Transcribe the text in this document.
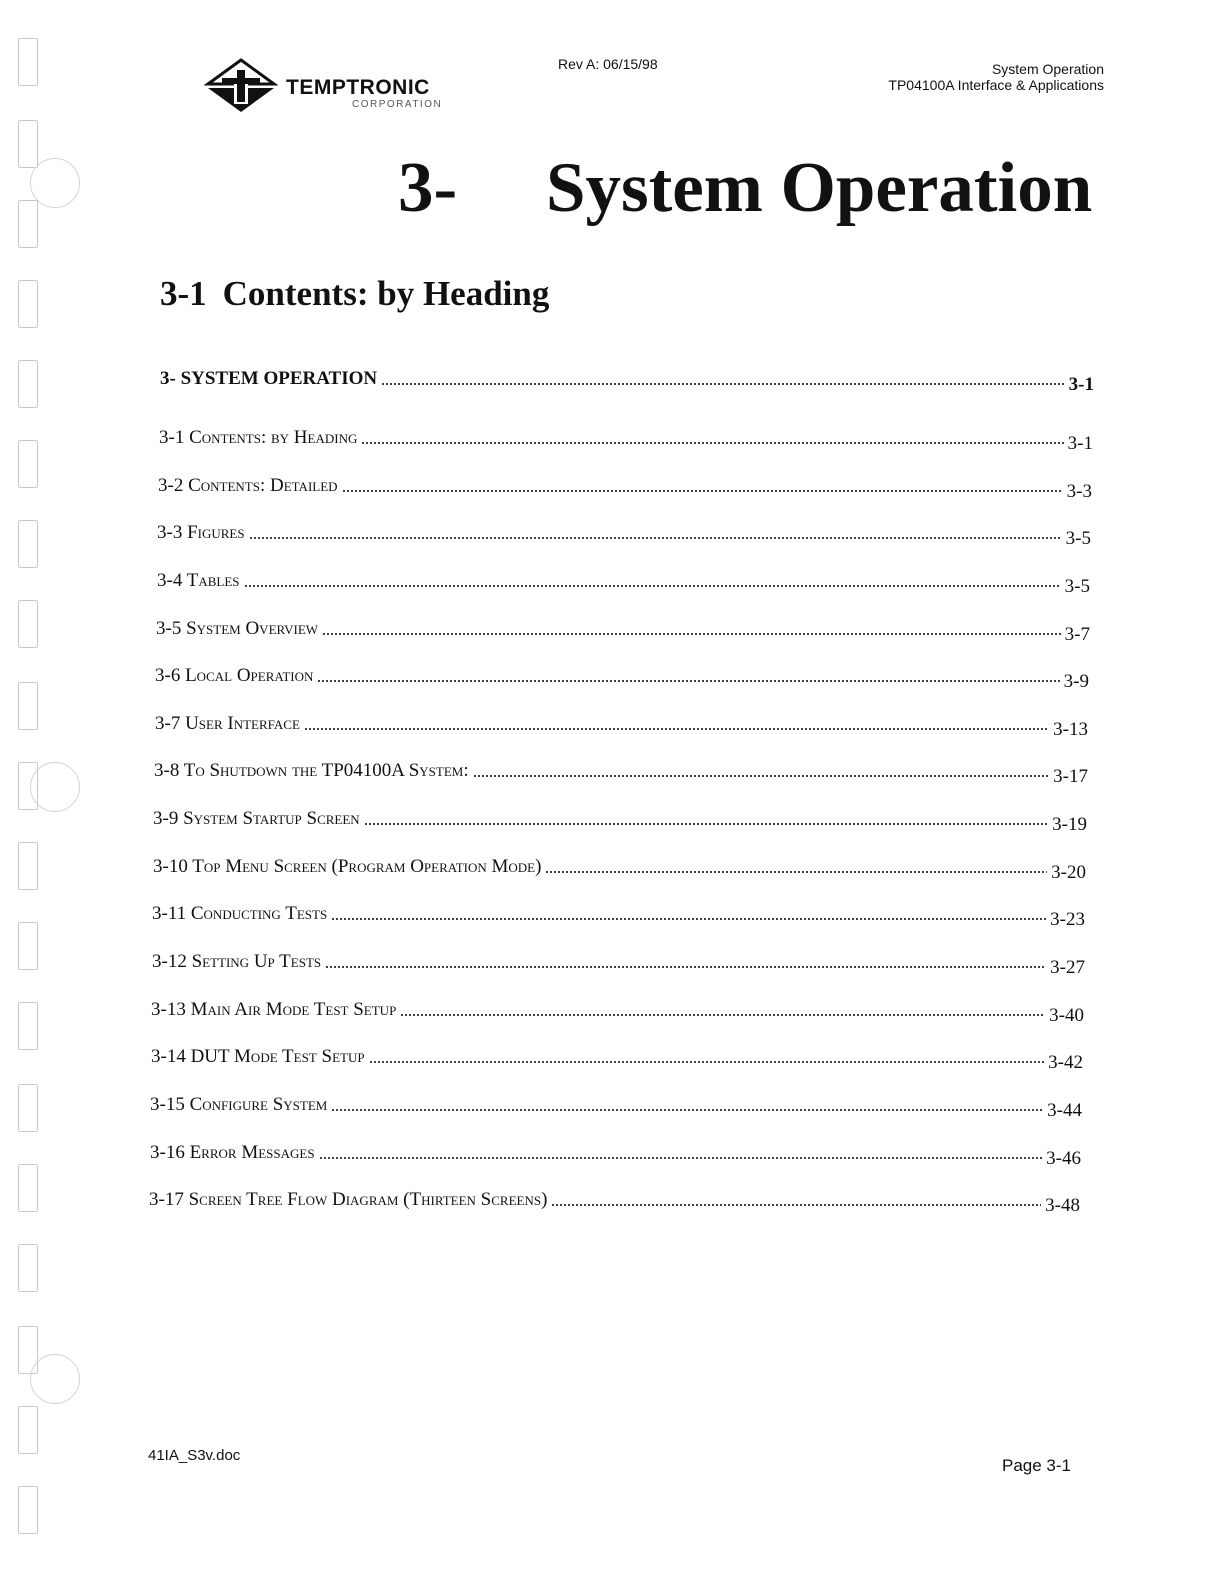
TEMPTRONIC
CORPORATION
Rev A: 06/15/98	System Operation
TP04100A Interface & Applications
3- System Operation
3-1 Contents: by Heading
3- SYSTEM OPERATION	3-1
3-1 Contents: by Heading	3-1
3-2 Contents: Detailed	3-3
3-3 Figures	3-5
3-4 Tables	3-5
3-5 System Overview	3-7
3-6 Local Operation	3-9
3-7 User Interface	3-13
3-8 To Shutdown the TP04100A System:	3-17
3-9 System Startup Screen	3-19
3-10 Top Menu Screen (Program Operation Mode)	3-20
3-11 Conducting Tests	3-23
3-12 Setting Up Tests	3-27
3-13 Main Air Mode Test Setup	3-40
3-14 DUT Mode Test Setup	3-42
3-15 Configure System	3-44
3-16 Error Messages	3-46
3-17 Screen Tree Flow Diagram (Thirteen Screens)	3-48
41IA_S3v.doc
Page 3-1
